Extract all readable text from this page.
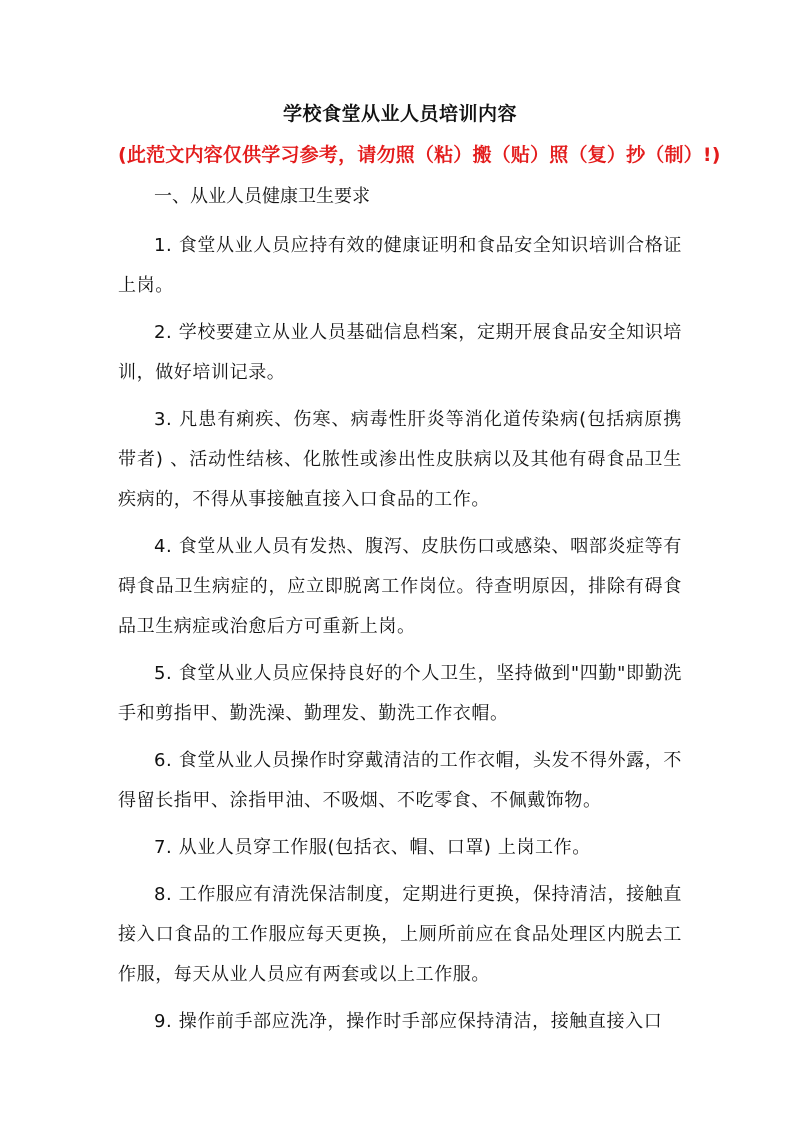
学校食堂从业人员培训内容
(此范文内容仅供学习参考，请勿照（粘）搬（贴）照（复）抄（制）!)
一、从业人员健康卫生要求

1. 食堂从业人员应持有效的健康证明和食品安全知识培训合格证上岗。

2. 学校要建立从业人员基础信息档案，定期开展食品安全知识培训，做好培训记录。

3. 凡患有痢疾、伤寒、病毒性肝炎等消化道传染病(包括病原携带者) 、活动性结核、化脓性或渗出性皮肤病以及其他有碍食品卫生疾病的，不得从事接触直接入口食品的工作。

4. 食堂从业人员有发热、腹泻、皮肤伤口或感染、咽部炎症等有碍食品卫生病症的，应立即脱离工作岗位。待查明原因，排除有碍食品卫生病症或治愈后方可重新上岗。

5. 食堂从业人员应保持良好的个人卫生，坚持做到"四勤"即勤洗手和剪指甲、勤洗澡、勤理发、勤洗工作衣帽。

6. 食堂从业人员操作时穿戴清洁的工作衣帽，头发不得外露，不得留长指甲、涂指甲油、不吸烟、不吃零食、不佩戴饰物。

7. 从业人员穿工作服(包括衣、帽、口罩) 上岗工作。

8. 工作服应有清洗保洁制度，定期进行更换，保持清洁，接触直接入口食品的工作服应每天更换，上厕所前应在食品处理区内脱去工作服，每天从业人员应有两套或以上工作服。

9. 操作前手部应洗净，操作时手部应保持清洁，接触直接入口
